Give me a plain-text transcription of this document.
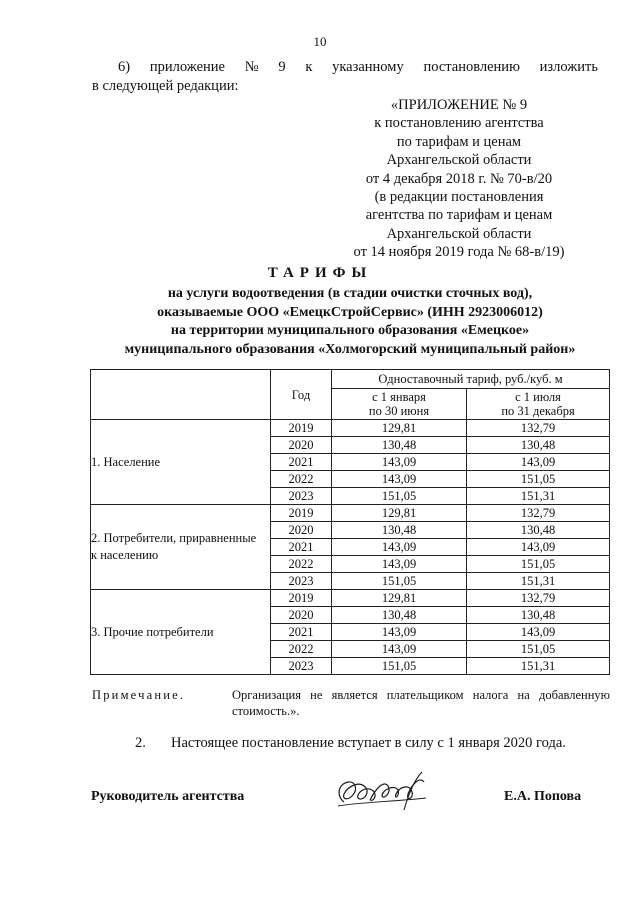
10
6) приложение № 9 к указанному постановлению изложить
в следующей редакции:
«ПРИЛОЖЕНИЕ № 9
к постановлению агентства
по тарифам и ценам
Архангельской области
от 4 декабря 2018 г. № 70-в/20
(в редакции постановления
агентства по тарифам и ценам
Архангельской области
от 14 ноября 2019 года № 68-в/19)
ТАРИФЫ
на услуги водоотведения (в стадии очистки сточных вод),
оказываемые ООО «ЕмецкСтройСервис» (ИНН 2923006012)
на территории муниципального образования «Емецкое»
муниципального образования «Холмогорский муниципальный район»
	Год	Одноставочный тариф, руб./куб. м	
		с 1 января
по 30 июня	с 1 июля
по 31 декабря
1. Население	2019	129,81	132,79
	2020	130,48	130,48
	2021	143,09	143,09
	2022	143,09	151,05
	2023	151,05	151,31
2. Потребители, приравненные к населению	2019	129,81	132,79
	2020	130,48	130,48
	2021	143,09	143,09
	2022	143,09	151,05
	2023	151,05	151,31
3. Прочие потребители	2019	129,81	132,79
	2020	130,48	130,48
	2021	143,09	143,09
	2022	143,09	151,05
	2023	151,05	151,31
Примечание.	Организация не является плательщиком налога на добавленную стоимость.».
2. Настоящее постановление вступает в силу с 1 января 2020 года.
Руководитель агентства	Е.А. Попова
